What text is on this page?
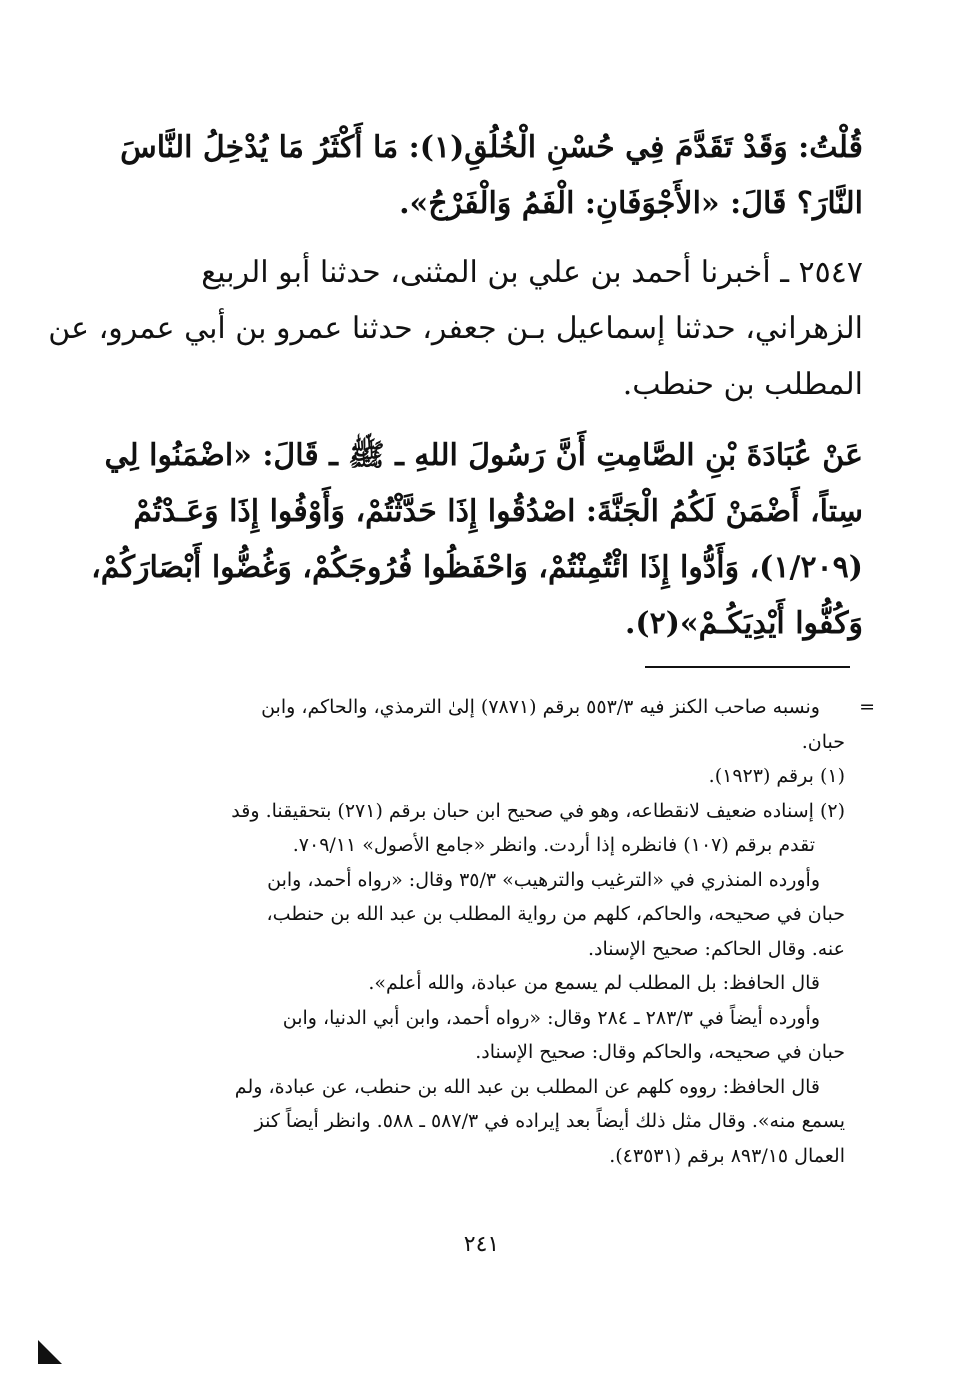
قُلْتُ: وَقَدْ تَقَدَّمَ فِي حُسْنِ الْخُلُقِ(١): مَا أَكْثَرُ مَا يُدْخِلُ النَّاسَ
النَّارَ؟ قَالَ: «الأَجْوَفَانِ: الْفَمُ وَالْفَرْجُ».
٢٥٤٧ ـ أخبرنا أحمد بن علي بن المثنى، حدثنا أبو الربيع
الزهراني، حدثنا إسماعيل بـن جعفر، حدثنا عمرو بن أبي عمرو، عن
المطلب بن حنطب.
عَنْ عُبَادَةَ بْنِ الصَّامِتِ أَنَّ رَسُولَ اللهِ ـ ﷺ ـ قَالَ: «اضْمَنُوا لِي
سِتاً، أَضْمَنْ لَكُمُ الْجَنَّةَ: اصْدُقُوا إِذَا حَدَّثْتُمْ، وَأَوْفُوا إِذَا وَعَـدْتُمْ
(١/٢٠٩)، وَأَدُّوا إِذَا ائْتُمِنْتُمْ، وَاحْفَظُوا فُرُوجَكُمْ، وَغُضُّوا أَبْصَارَكُمْ،
وَكُفُّوا أَيْدِيَكُـمْ»(٢).
=
ونسبه صاحب الكنز فيه ٥٥٣/٣ برقم (٧٨٧١) إلىٰ الترمذي، والحاكم، وابن
حبان.
(١) برقم (١٩٢٣).
(٢) إسناده ضعيف لانقطاعه، وهو في صحيح ابن حبان برقم (٢٧١) بتحقيقنا. وقد
تقدم برقم (١٠٧) فانظره إذا أردت. وانظر «جامع الأصول» ٧٠٩/١١.
وأورده المنذري في «الترغيب والترهيب» ٣٥/٣ وقال: «رواه أحمد، وابن
حبان في صحيحه، والحاكم، كلهم من رواية المطلب بن عبد الله بن حنطب،
عنه. وقال الحاكم: صحيح الإسناد.
قال الحافظ: بل المطلب لم يسمع من عبادة، والله أعلم».
وأورده أيضاً في ٢٨٣/٣ ـ ٢٨٤ وقال: «رواه أحمد، وابن أبي الدنيا، وابن
حبان في صحيحه، والحاكم وقال: صحيح الإسناد.
قال الحافظ: رووه كلهم عن المطلب بن عبد الله بن حنطب، عن عبادة، ولم
يسمع منه». وقال مثل ذلك أيضاً بعد إيراده في ٥٨٧/٣ ـ ٥٨٨. وانظر أيضاً كنز
العمال ٨٩٣/١٥ برقم (٤٣٥٣١).
٢٤١
